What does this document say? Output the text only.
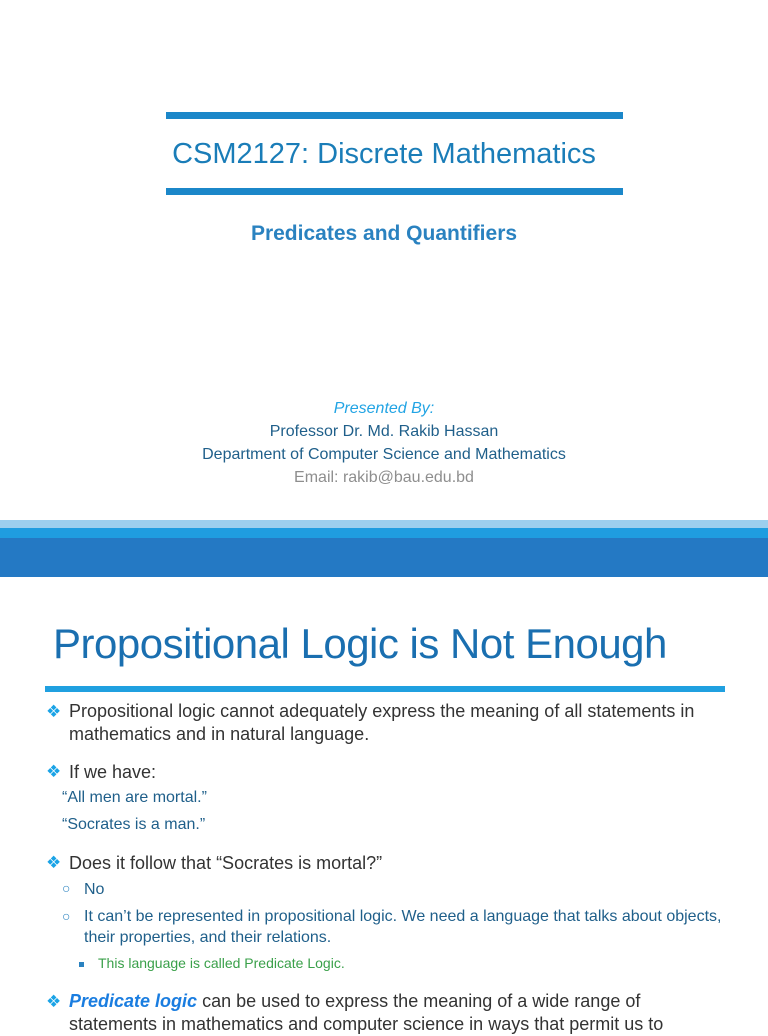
CSM2127: Discrete Mathematics
Predicates and Quantifiers
Presented By:
Professor Dr. Md. Rakib Hassan
Department of Computer Science and Mathematics
Email: rakib@bau.edu.bd
Propositional Logic is Not Enough
❖ Propositional logic cannot adequately express the meaning of all statements in mathematics and in natural language.
❖ If we have:
“All men are mortal.”
“Socrates is a man.”
❖ Does it follow that “Socrates is mortal?”
○ No
○ It can’t be represented in propositional logic. We need a language that talks about objects, their properties, and their relations.
This language is called Predicate Logic.
❖ Predicate logic can be used to express the meaning of a wide range of statements in mathematics and computer science in ways that permit us to
